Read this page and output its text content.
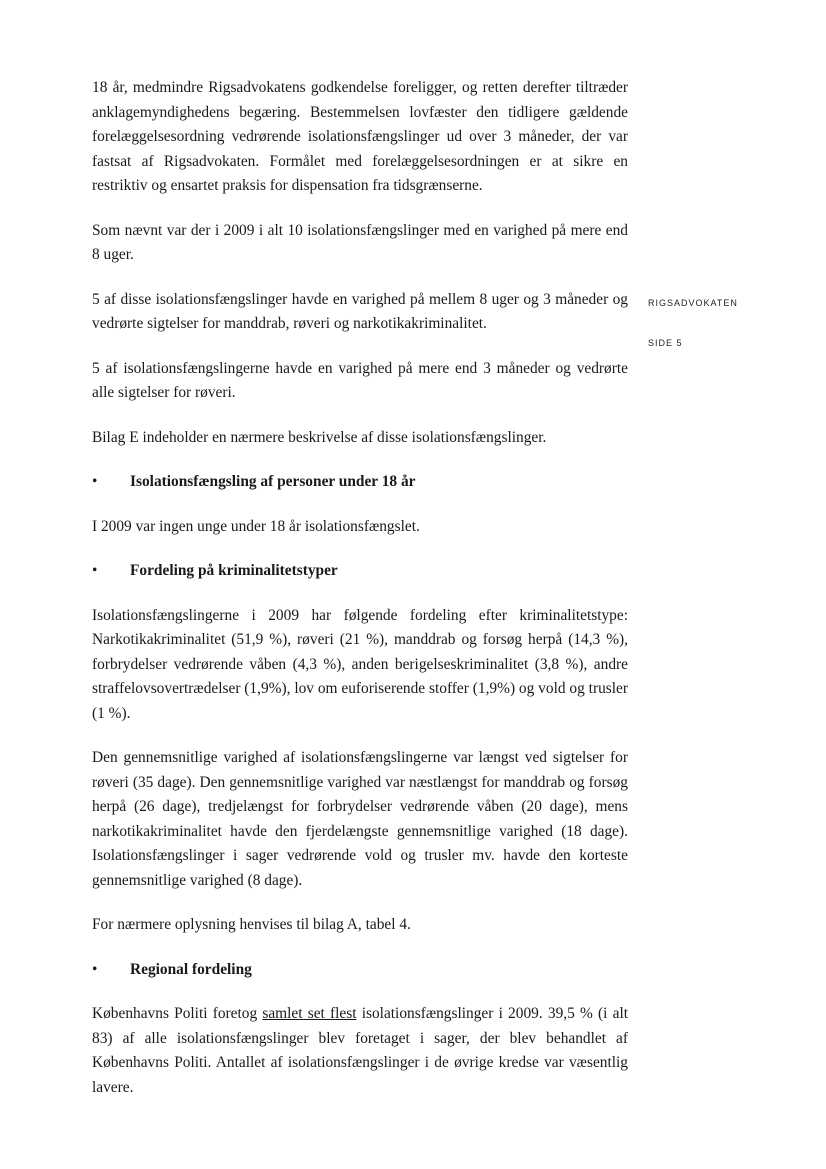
18 år, medmindre Rigsadvokatens godkendelse foreligger, og retten derefter tiltræder anklagemyndighedens begæring. Bestemmelsen lovfæster den tidligere gældende forelæggelsesordning vedrørende isolationsfængslinger ud over 3 måneder, der var fastsat af Rigsadvokaten. Formålet med forelæggelsesordningen er at sikre en restriktiv og ensartet praksis for dispensation fra tidsgrænserne.

Som nævnt var der i 2009 i alt 10 isolationsfængslinger med en varighed på mere end 8 uger.

5 af disse isolationsfængslinger havde en varighed på mellem 8 uger og 3 måneder og vedrørte sigtelser for manddrab, røveri og narkotikakriminalitet.

5 af isolationsfængslingerne havde en varighed på mere end 3 måneder og vedrørte alle sigtelser for røveri.

Bilag E indeholder en nærmere beskrivelse af disse isolationsfængslinger.

•	Isolationsfængsling af personer under 18 år

I 2009 var ingen unge under 18 år isolationsfængslet.

•	Fordeling på kriminalitetstyper

Isolationsfængslingerne i 2009 har følgende fordeling efter kriminalitetstype: Narkotikakriminalitet (51,9 %), røveri (21 %), manddrab og forsøg herpå (14,3 %), forbrydelser vedrørende våben (4,3 %), anden berigelseskriminalitet (3,8 %), andre straffelovsovertrædelser (1,9%), lov om euforiserende stoffer (1,9%) og vold og trusler (1 %).

Den gennemsnitlige varighed af isolationsfængslingerne var længst ved sigtelser for røveri (35 dage). Den gennemsnitlige varighed var næstlængst for manddrab og forsøg herpå (26 dage), tredjelængst for forbrydelser vedrørende våben (20 dage), mens narkotikakriminalitet havde den fjerdelængste gennemsnitlige varighed (18 dage). Isolationsfængslinger i sager vedrørende vold og trusler mv. havde den korteste gennemsnitlige varighed (8 dage).

For nærmere oplysning henvises til bilag A, tabel 4.

•	Regional fordeling

Københavns Politi foretog samlet set flest isolationsfængslinger i 2009. 39,5 % (i alt 83) af alle isolationsfængslinger blev foretaget i sager, der blev behandlet af Københavns Politi. Antallet af isolationsfængslinger i de øvrige kredse var væsentlig lavere.

RIGSADVOKATEN
SIDE 5
